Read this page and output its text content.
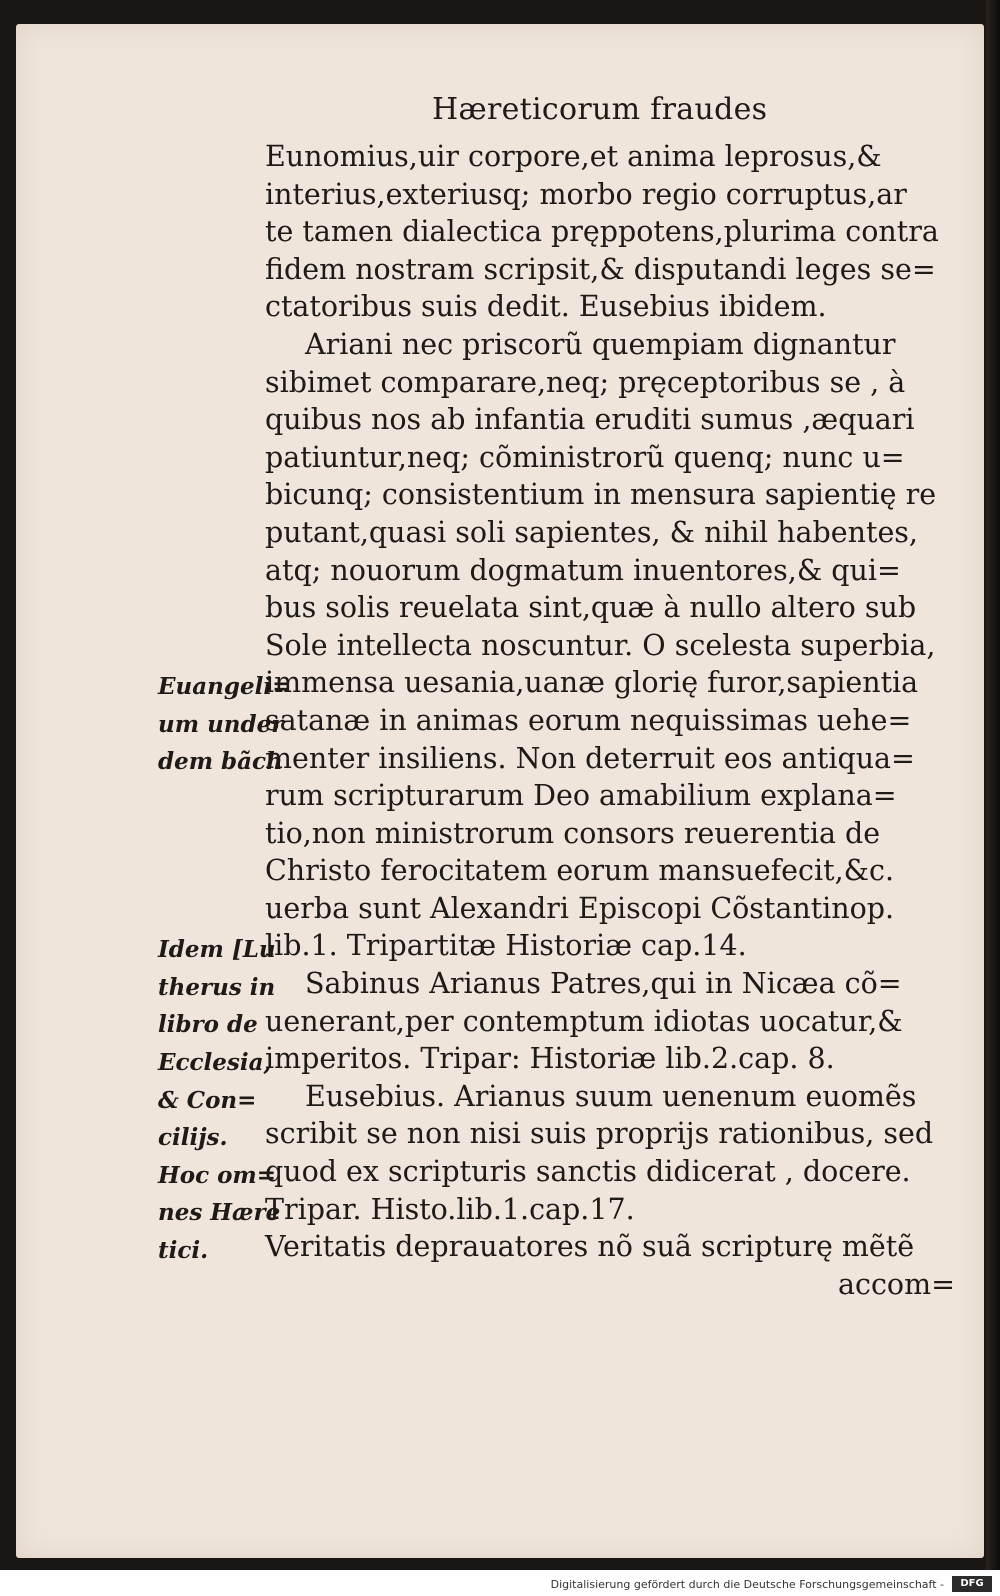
Hæreticorum fraudes
Eunomius,uir corpore,et anima leprosus,&
interius,exteriusq; morbo regio corruptus,ar
te tamen dialectica pręppotens,plurima contra
fidem nostram scripsit,& disputandi leges se=
ctatoribus suis dedit. Eusebius ibidem.
Ariani nec priscorũ quempiam dignantur
sibimet comparare,neq; pręceptoribus se , à
quibus nos ab infantia eruditi sumus ,æquari
patiuntur,neq; cõministrorũ quenq; nunc u=
bicunq; consistentium in mensura sapientię re
putant,quasi soli sapientes, & nihil habentes,
atq; nouorum dogmatum inuentores,& qui=
bus solis reuelata sint,quæ à nullo altero sub
Sole intellecta noscuntur. O scelesta superbia,
immensa uesania,uanæ glorię furor,sapientia
satanæ in animas eorum nequissimas uehe=
menter insiliens. Non deterruit eos antiqua=
rum scripturarum Deo amabilium explana=
tio,non ministrorum consors reuerentia de
Christo ferocitatem eorum mansuefecit,&c.
uerba sunt Alexandri Episcopi Cõstantinop.
lib.1. Tripartitæ Historiæ cap.14.
Sabinus Arianus Patres,qui in Nicæa cõ=
uenerant,per contemptum idiotas uocatur,&
imperitos. Tripar: Historiæ lib.2.cap. 8.
Eusebius. Arianus suum uenenum euomẽs
scribit se non nisi suis proprijs rationibus, sed
quod ex scripturis sanctis didicerat , docere.
Tripar. Histo.lib.1.cap.17.
Veritatis deprauatores nõ suã scripturę mẽtẽ
accom=
Euangeli=
um under
dem bãch
Idem [Lu
therus in
libro de
Ecclesia,
& Con=
cilijs.
Hoc om=
nes Hære
tici.
Digitalisierung gefördert durch die Deutsche Forschungsgemeinschaft -	DFG
